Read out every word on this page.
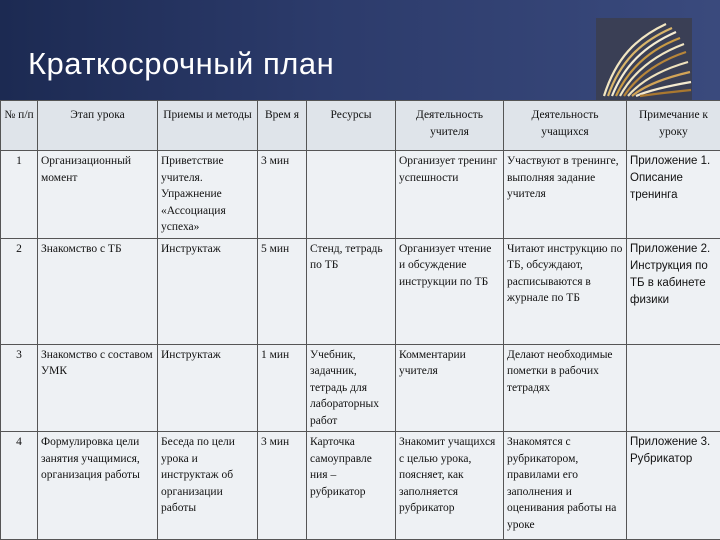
Краткосрочный план
№ п/п	Этап урока	Приемы и методы	Врем я	Ресурсы	Деятельность учителя	Деятельность учащихся	Примечание к уроку
1	Организационный момент	Приветствие учителя. Упражнение «Ассоциация успеха»	3 мин		Организует тренинг успешности	Участвуют в тренинге, выполняя задание учителя	Приложение 1. Описание тренинга
2	Знакомство с ТБ	Инструктаж	5 мин	Стенд, тетрадь по ТБ	Организует чтение и обсуждение инструкции по ТБ	Читают инструкцию по ТБ, обсуждают, расписываются в журнале по ТБ	Приложение 2. Инструкция по ТБ в кабинете физики
3	Знакомство с составом УМК	Инструктаж	1 мин	Учебник, задачник, тетрадь для лабораторных работ	Комментарии учителя	Делают необходимые пометки в рабочих тетрадях	
4	Формулировка цели занятия учащимися, организация работы	Беседа по цели урока и инструктаж об организации работы	3 мин	Карточка самоуправле ния – рубрикатор	Знакомит учащихся с целью урока, поясняет, как заполняется рубрикатор	Знакомятся с рубрикатором, правилами его заполнения и оценивания работы на уроке	Приложение 3. Рубрикатор
